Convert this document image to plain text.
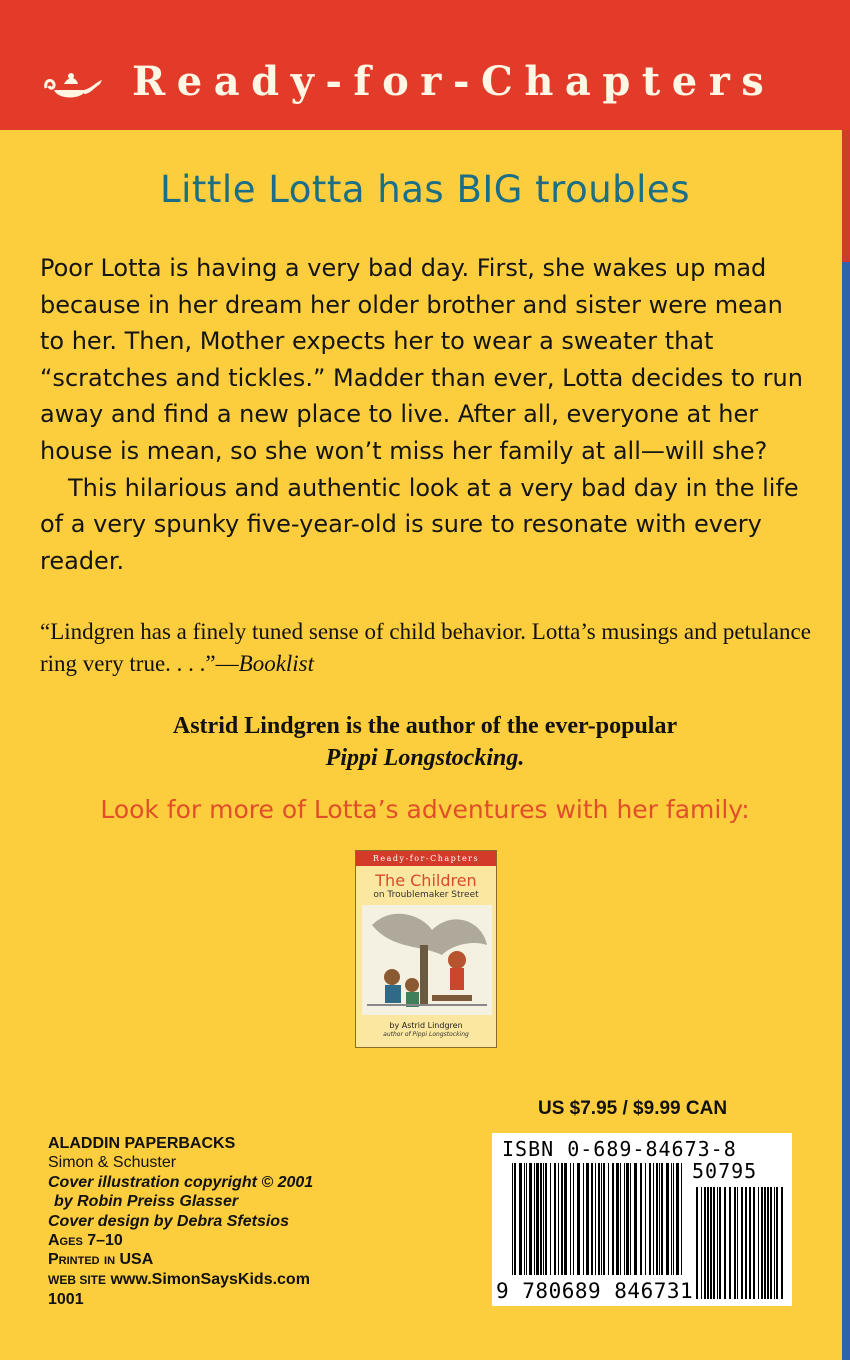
Ready-for-Chapters
Little Lotta has BIG troubles

Poor Lotta is having a very bad day. First, she wakes up mad because in her dream her older brother and sister were mean to her. Then, Mother expects her to wear a sweater that “scratches and tickles.” Madder than ever, Lotta decides to run away and find a new place to live. After all, everyone at her house is mean, so she won’t miss her family at all—will she?

This hilarious and authentic look at a very bad day in the life of a very spunky five-year-old is sure to resonate with every reader.

“Lindgren has a finely tuned sense of child behavior. Lotta’s musings and petulance ring very true. . . .”—Booklist
Astrid Lindgren is the author of the ever-popular
Pippi Longstocking.
Look for more of Lotta’s adventures with her family:
Ready-for-Chapters
The Children
on Troublemaker Street
by Astrid Lindgren
author of Pippi Longstocking
US $7.95 / $9.99 CAN
ALADDIN PAPERBACKS
Simon & Schuster
Cover illustration copyright © 2001
by Robin Preiss Glasser
Cover design by Debra Sfetsios
Ages 7–10
Printed in USA
WEB SITE www.SimonSaysKids.com
1001
ISBN 0-689-84673-8
50795
9 780689 846731
